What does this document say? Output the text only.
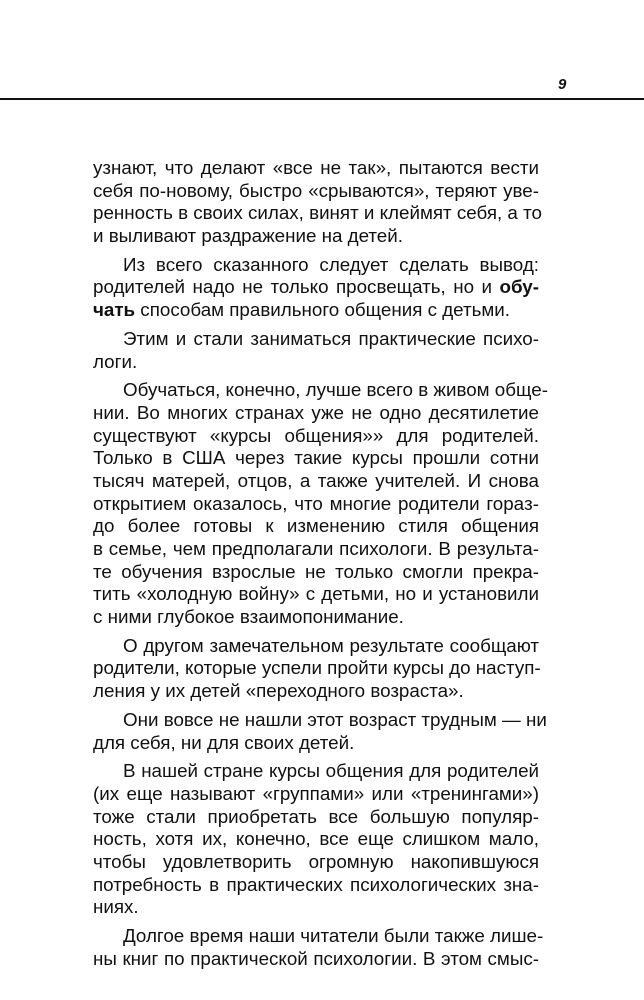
9
узнают, что делают «все не так», пытаются вести
себя по-новому, быстро «срываются», теряют уве-
ренность в своих силах, винят и клеймят себя, а то
и выливают раздражение на детей.
Из всего сказанного следует сделать вывод:
родителей надо не только просвещать, но и обу-
чать способам правильного общения с детьми.
Этим и стали заниматься практические психо-
логи.
Обучаться, конечно, лучше всего в живом обще-
нии. Во многих странах уже не одно десятилетие
существуют «курсы общения»» для родителей.
Только в США через такие курсы прошли сотни
тысяч матерей, отцов, а также учителей. И снова
открытием оказалось, что многие родители горaз-
до более готовы к изменению стиля общения
в семье, чем предполагали психологи. В результа-
те обучения взрослые не только смогли прекра-
тить «холодную войну» с детьми, но и установили
с ними глубокое взаимопонимание.
О другом замечательном результате сообщают
родители, которые успели пройти курсы до наступ-
ления у их детей «переходного возраста».
Они вовсе не нашли этот возраст трудным — ни
для себя, ни для своих детей.
В нашей стране курсы общения для родителей
(их еще называют «группами» или «тренингами»)
тоже стали приобретать все большую популяр-
ность, хотя их, конечно, все еще слишком мало,
чтобы удовлетворить огромную накопившуюся
потребность в практических психологических зна-
ниях.
Долгое время наши читатели были также лише-
ны книг по практической психологии. В этом смыс-
